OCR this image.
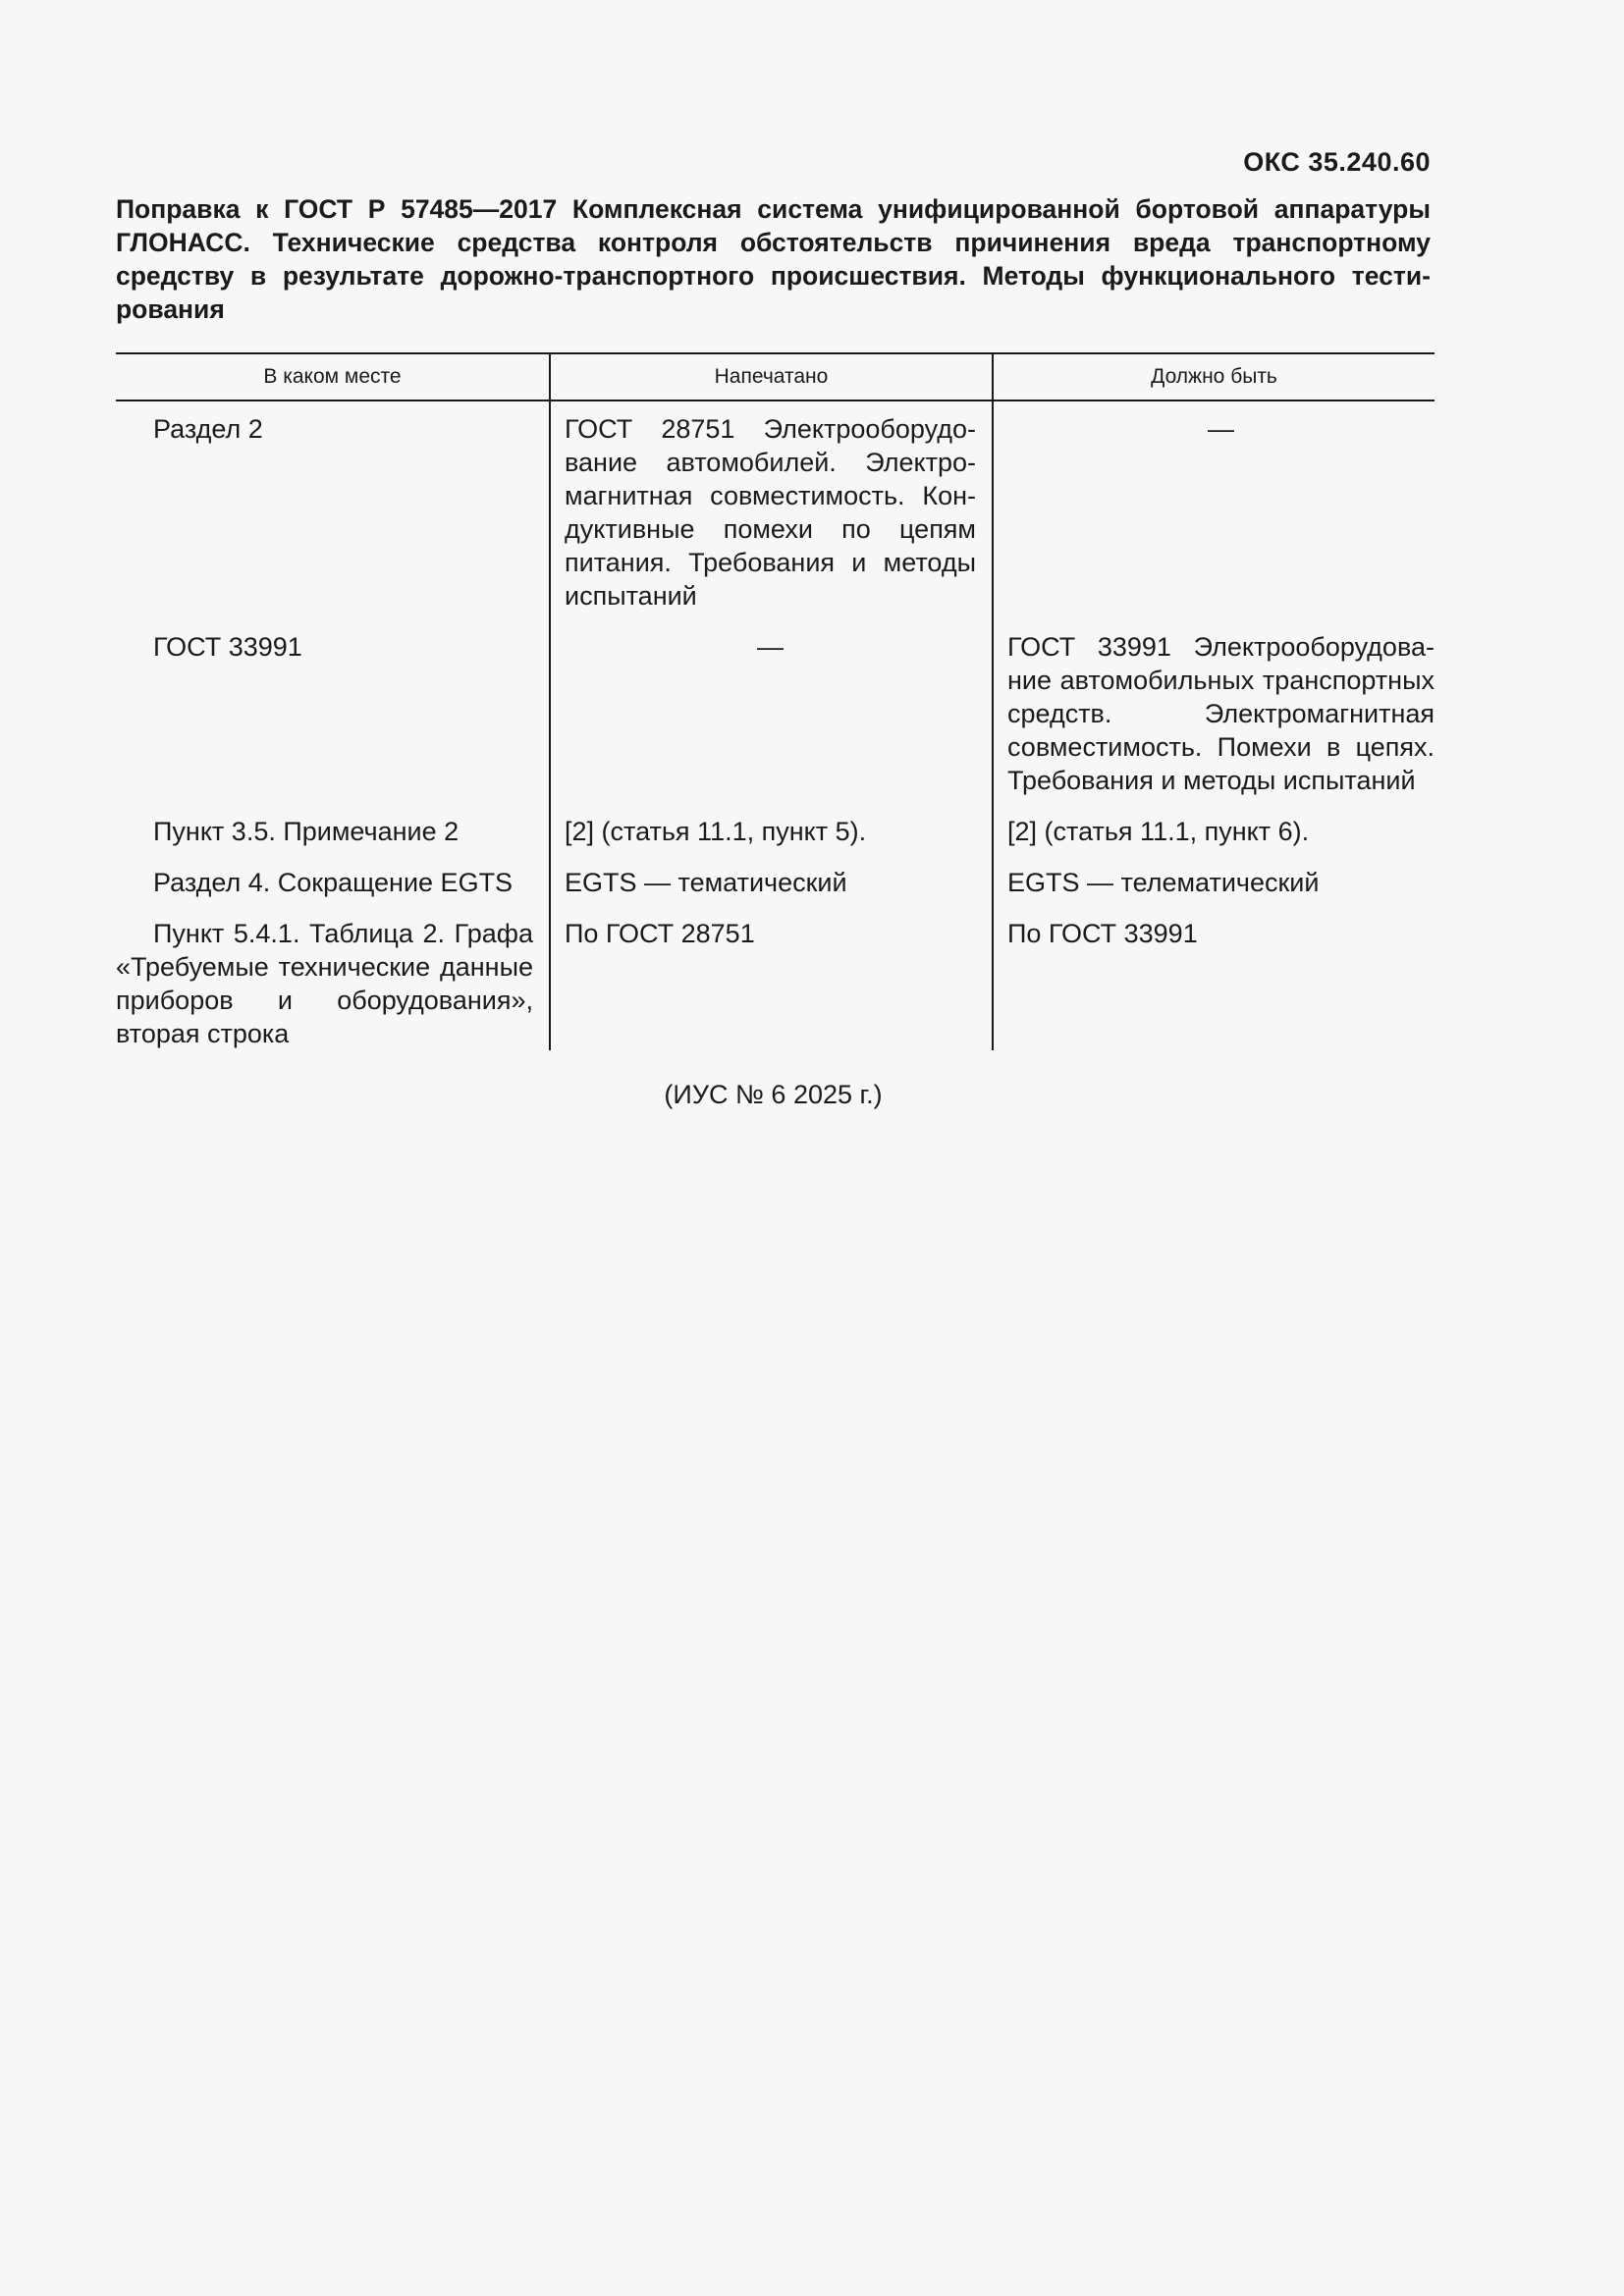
ОКС 35.240.60
Поправка к ГОСТ Р 57485—2017 Комплексная система унифицированной бортовой аппаратуры ГЛОНАСС. Технические средства контроля обстоятельств причинения вреда транспортному средству в результате дорожно-транспортного происшествия. Методы функционального тестирования
В каком месте	Напечатано	Должно быть
Раздел 2	ГОСТ 28751 Электрооборудование автомобилей. Электромагнитная совместимость. Кондуктивные помехи по цепям питания. Требования и методы испытаний	—

ГОСТ 33991	—	ГОСТ 33991 Электрооборудование автомобильных транспортных средств. Электромагнитная совместимость. Помехи в цепях. Требования и методы испытаний

Пункт 3.5. Примечание 2	[2] (статья 11.1, пункт 5).	[2] (статья 11.1, пункт 6).

Раздел 4. Сокращение EGTS	EGTS — тематический	EGTS — телематический

Пункт 5.4.1. Таблица 2. Графа «Требуемые технические данные приборов и оборудования», вторая строка	По ГОСТ 28751	По ГОСТ 33991
(ИУС № 6 2025 г.)
